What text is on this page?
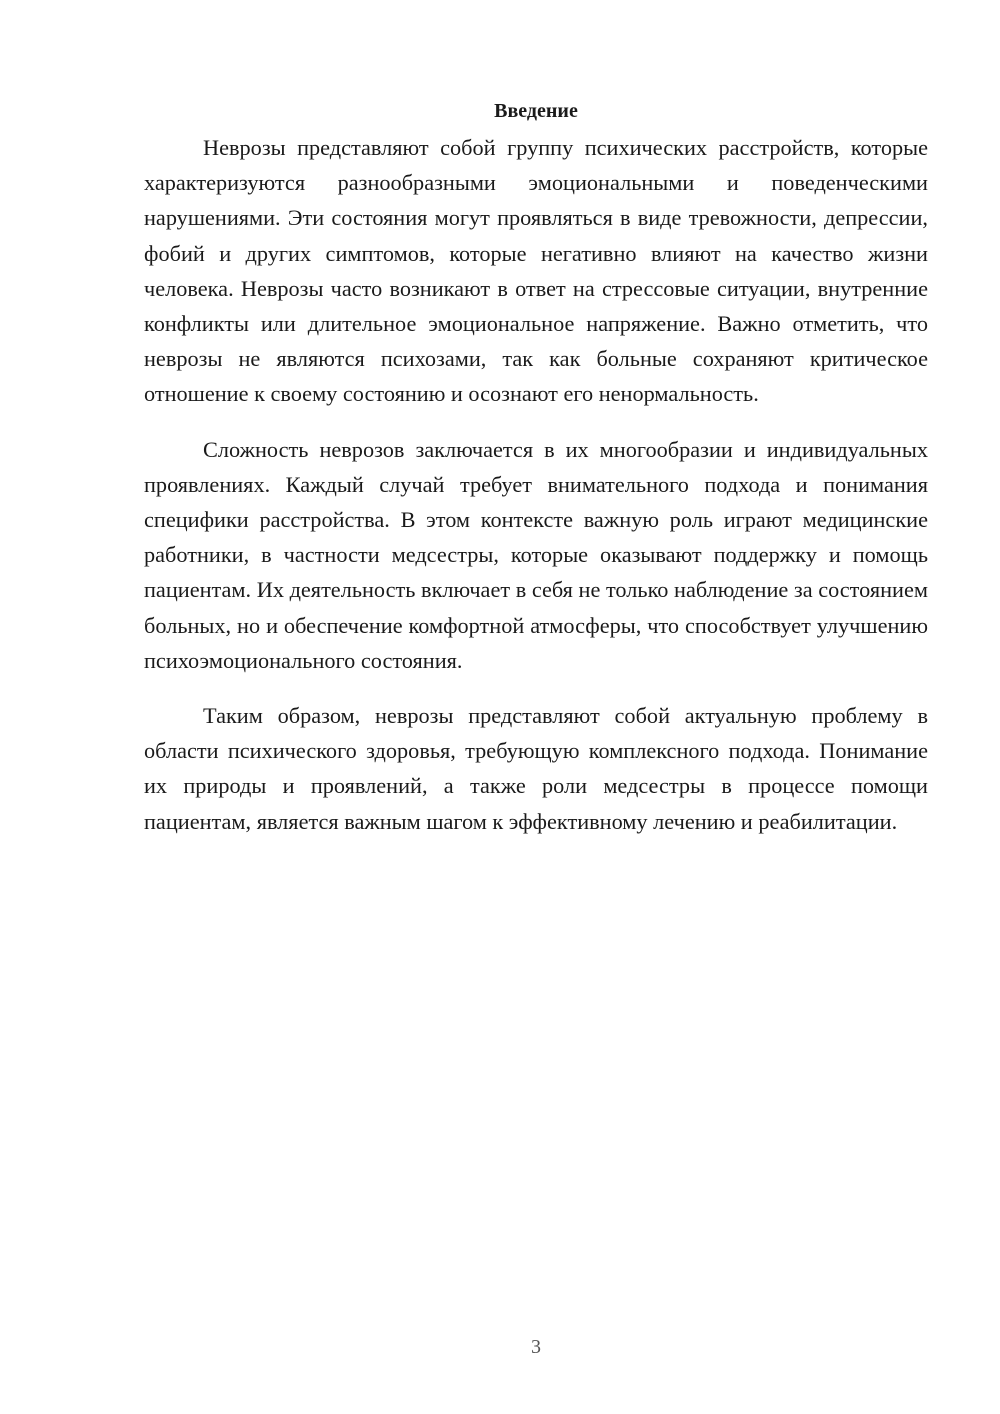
Введение

Неврозы представляют собой группу психических расстройств, которые характеризуются разнообразными эмоциональными и поведенческими нарушениями. Эти состояния могут проявляться в виде тревожности, депрессии, фобий и других симптомов, которые негативно влияют на качество жизни человека. Неврозы часто возникают в ответ на стрессовые ситуации, внутренние конфликты или длительное эмоциональное напряжение. Важно отметить, что неврозы не являются психозами, так как больные сохраняют критическое отношение к своему состоянию и осознают его ненормальность.

Сложность неврозов заключается в их многообразии и индивидуальных проявлениях. Каждый случай требует внимательного подхода и понимания специфики расстройства. В этом контексте важную роль играют медицинские работники, в частности медсестры, которые оказывают поддержку и помощь пациентам. Их деятельность включает в себя не только наблюдение за состоянием больных, но и обеспечение комфортной атмосферы, что способствует улучшению психоэмоционального состояния.

Таким образом, неврозы представляют собой актуальную проблему в области психического здоровья, требующую комплексного подхода. Понимание их природы и проявлений, а также роли медсестры в процессе помощи пациентам, является важным шагом к эффективному лечению и реабилитации.

3
